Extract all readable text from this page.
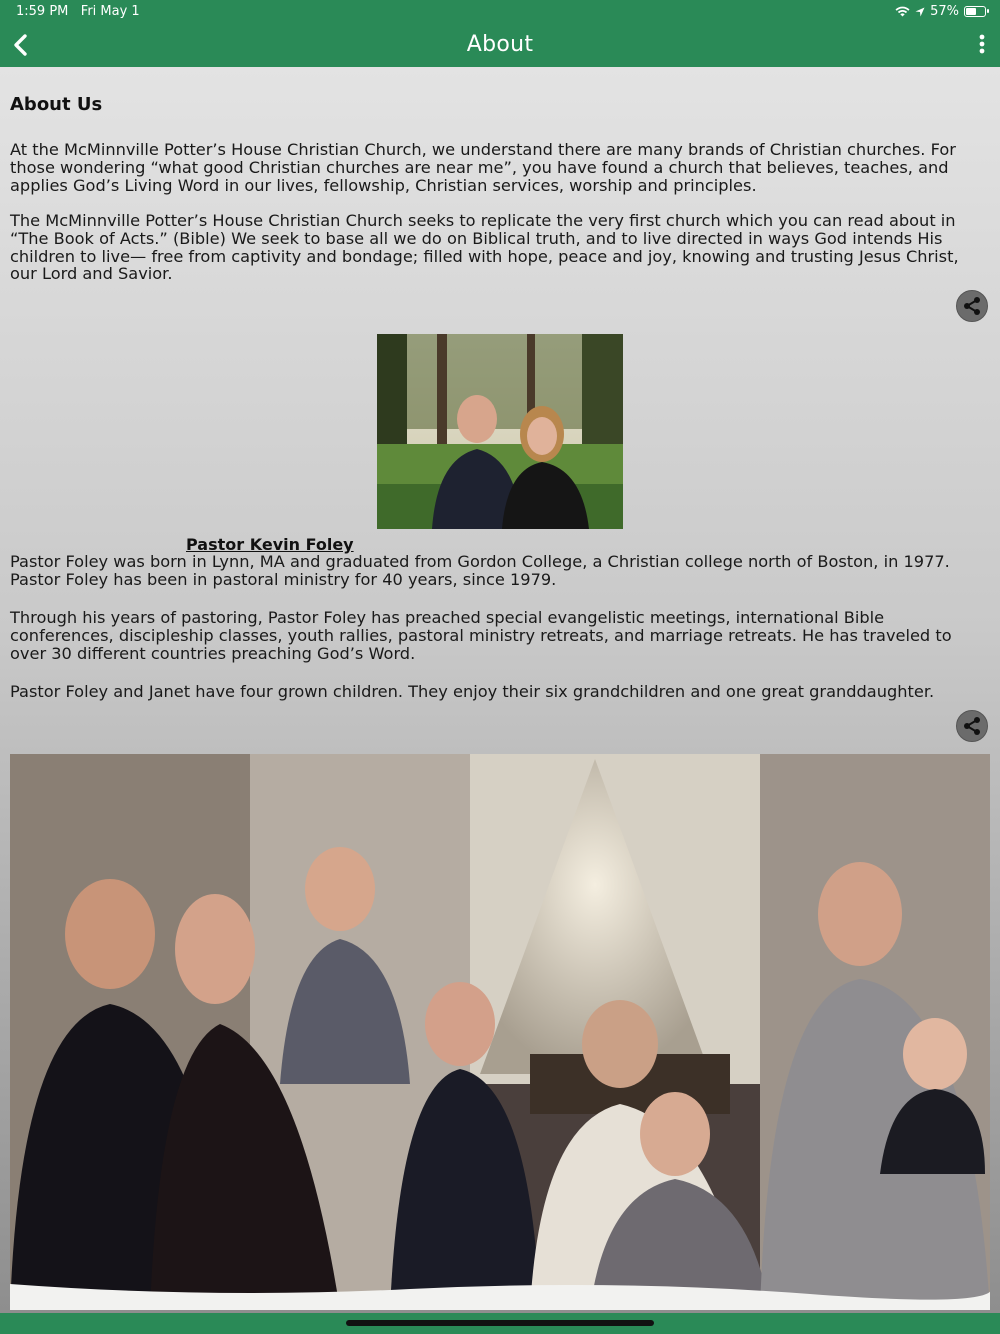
1:59 PM Fri May 1	57%
About
About Us

At the McMinnville Potter’s House Christian Church, we understand there are many brands of Christian churches. For those wondering “what good Christian churches are near me”, you have found a church that believes, teaches, and applies God’s Living Word in our lives, fellowship, Christian services, worship and principles.

The McMinnville Potter’s House Christian Church seeks to replicate the very first church which you can read about in “The Book of Acts.” (Bible) We seek to base all we do on Biblical truth, and to live directed in ways God intends His children to live— free from captivity and bondage; filled with hope, peace and joy, knowing and trusting Jesus Christ, our Lord and Savior.

Pastor Kevin Foley

Pastor Foley was born in Lynn, MA and graduated from Gordon College, a Christian college north of Boston, in 1977. Pastor Foley has been in pastoral ministry for 40 years, since 1979.

Through his years of pastoring, Pastor Foley has preached special evangelistic meetings, international Bible conferences, discipleship classes, youth rallies, pastoral ministry retreats, and marriage retreats. He has traveled to over 30 different countries preaching God’s Word.

Pastor Foley and Janet have four grown children. They enjoy their six grandchildren and one great granddaughter.
